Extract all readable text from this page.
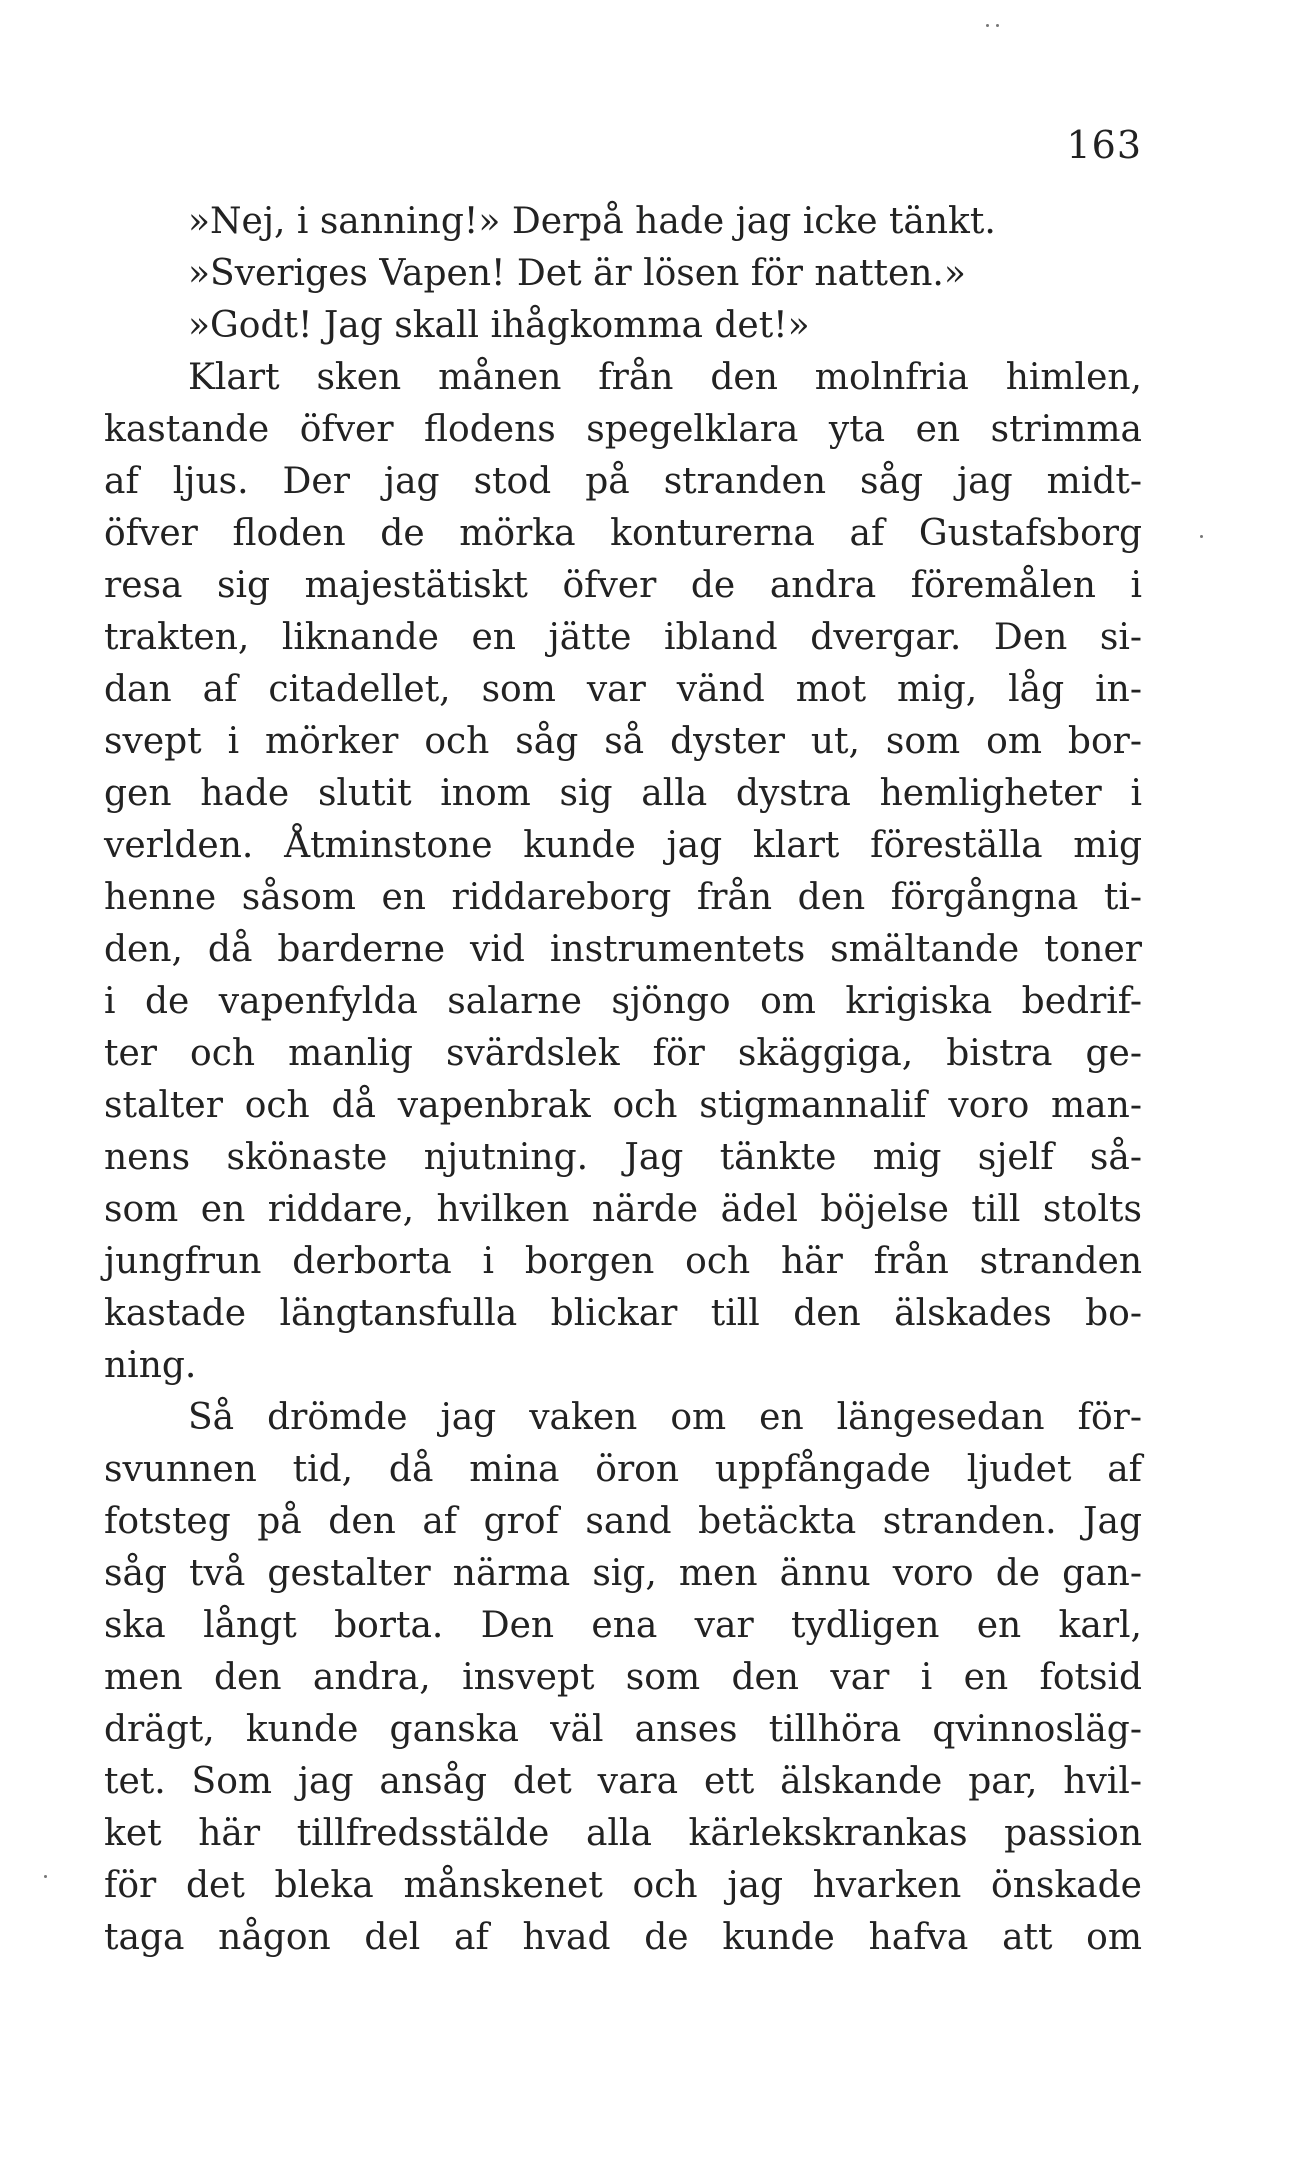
163
»Nej, i sanning!» Derpå hade jag icke tänkt.
»Sveriges Vapen! Det är lösen för natten.»
»Godt! Jag skall ihågkomma det!»
Klart sken månen från den molnfria himlen,
kastande öfver flodens spegelklara yta en strimma
af ljus. Der jag stod på stranden såg jag midt-
öfver floden de mörka konturerna af Gustafsborg
resa sig majestätiskt öfver de andra föremålen i
trakten, liknande en jätte ibland dvergar. Den si-
dan af citadellet, som var vänd mot mig, låg in-
svept i mörker och såg så dyster ut, som om bor-
gen hade slutit inom sig alla dystra hemligheter i
verlden. Åtminstone kunde jag klart föreställa mig
henne såsom en riddareborg från den förgångna ti-
den, då barderne vid instrumentets smältande toner
i de vapenfylda salarne sjöngo om krigiska bedrif-
ter och manlig svärdslek för skäggiga, bistra ge-
stalter och då vapenbrak och stigmannalif voro man-
nens skönaste njutning. Jag tänkte mig sjelf så-
som en riddare, hvilken närde ädel böjelse till stolts
jungfrun derborta i borgen och här från stranden
kastade längtansfulla blickar till den älskades bo-
ning.
Så drömde jag vaken om en längesedan för-
svunnen tid, då mina öron uppfångade ljudet af
fotsteg på den af grof sand betäckta stranden. Jag
såg två gestalter närma sig, men ännu voro de gan-
ska långt borta. Den ena var tydligen en karl,
men den andra, insvept som den var i en fotsid
drägt, kunde ganska väl anses tillhöra qvinnosläg-
tet. Som jag ansåg det vara ett älskande par, hvil-
ket här tillfredsstälde alla kärlekskrankas passion
för det bleka månskenet och jag hvarken önskade
taga någon del af hvad de kunde hafva att om
